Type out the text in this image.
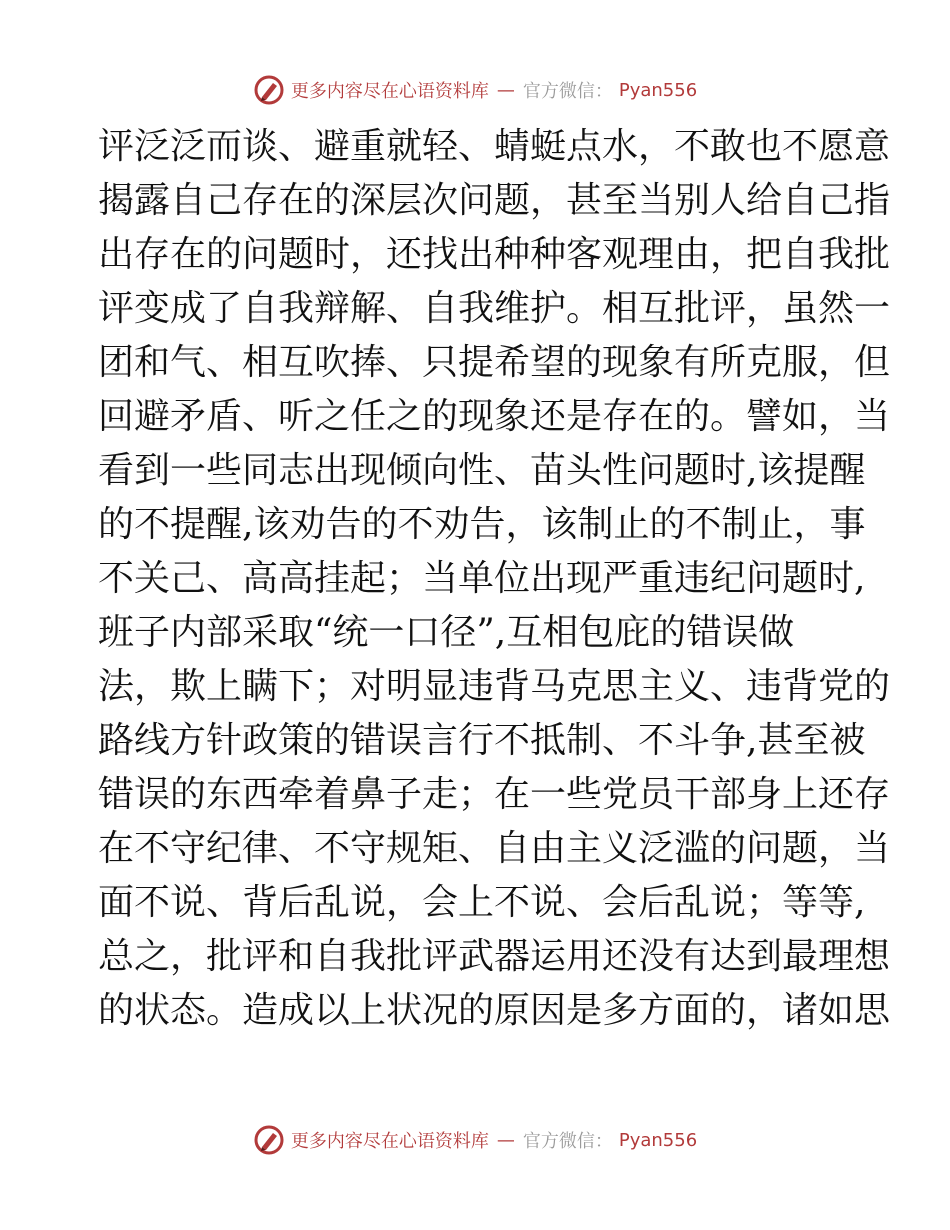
更多内容尽在心语资料库 — 官方微信： Pyan556
评泛泛而谈、避重就轻、蜻蜓点水，不敢也不愿意
揭露自己存在的深层次问题，甚至当别人给自己指
出存在的问题时，还找出种种客观理由，把自我批
评变成了自我辩解、自我维护。相互批评，虽然一
团和气、相互吹捧、只提希望的现象有所克服，但
回避矛盾、听之任之的现象还是存在的。譬如，当
看到一些同志出现倾向性、苗头性问题时,该提醒
的不提醒,该劝告的不劝告，该制止的不制止，事
不关己、高高挂起；当单位出现严重违纪问题时,
班子内部采取“统一口径”,互相包庇的错误做
法，欺上瞒下；对明显违背马克思主义、违背党的
路线方针政策的错误言行不抵制、不斗争,甚至被
错误的东西牵着鼻子走；在一些党员干部身上还存
在不守纪律、不守规矩、自由主义泛滥的问题，当
面不说、背后乱说，会上不说、会后乱说；等等,
总之，批评和自我批评武器运用还没有达到最理想
的状态。造成以上状况的原因是多方面的，诸如思
更多内容尽在心语资料库 — 官方微信： Pyan556
